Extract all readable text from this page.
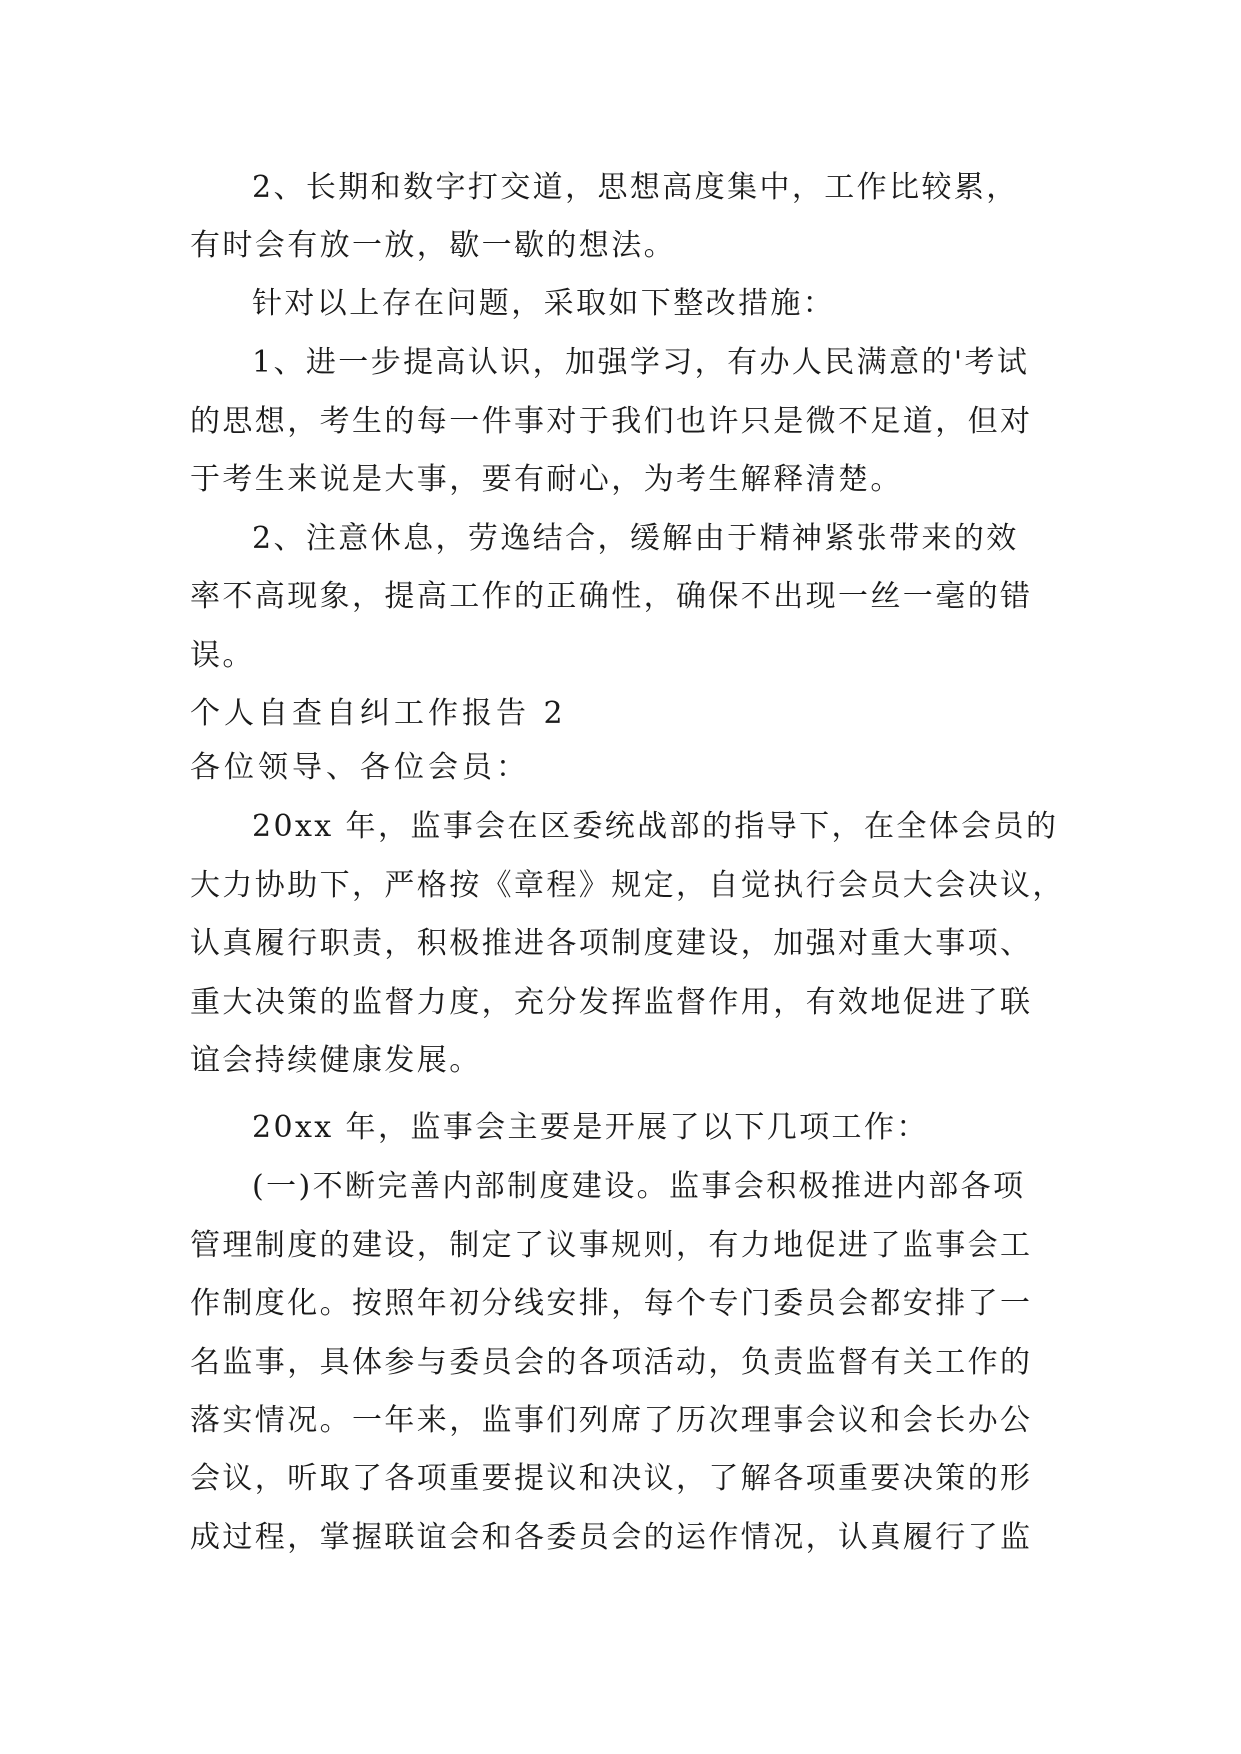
2、长期和数字打交道，思想高度集中，工作比较累，
有时会有放一放，歇一歇的想法。
针对以上存在问题，采取如下整改措施：
1、进一步提高认识，加强学习，有办人民满意的'考试
的思想，考生的每一件事对于我们也许只是微不足道，但对
于考生来说是大事，要有耐心，为考生解释清楚。
2、注意休息，劳逸结合，缓解由于精神紧张带来的效
率不高现象，提高工作的正确性，确保不出现一丝一毫的错
误。
个人自查自纠工作报告 2
各位领导、各位会员：
20xx 年，监事会在区委统战部的指导下，在全体会员的
大力协助下，严格按《章程》规定，自觉执行会员大会决议，
认真履行职责，积极推进各项制度建设，加强对重大事项、
重大决策的监督力度，充分发挥监督作用，有效地促进了联
谊会持续健康发展。
20xx 年，监事会主要是开展了以下几项工作：
(一)不断完善内部制度建设。监事会积极推进内部各项
管理制度的建设，制定了议事规则，有力地促进了监事会工
作制度化。按照年初分线安排，每个专门委员会都安排了一
名监事，具体参与委员会的各项活动，负责监督有关工作的
落实情况。一年来，监事们列席了历次理事会议和会长办公
会议，听取了各项重要提议和决议，了解各项重要决策的形
成过程，掌握联谊会和各委员会的运作情况，认真履行了监
